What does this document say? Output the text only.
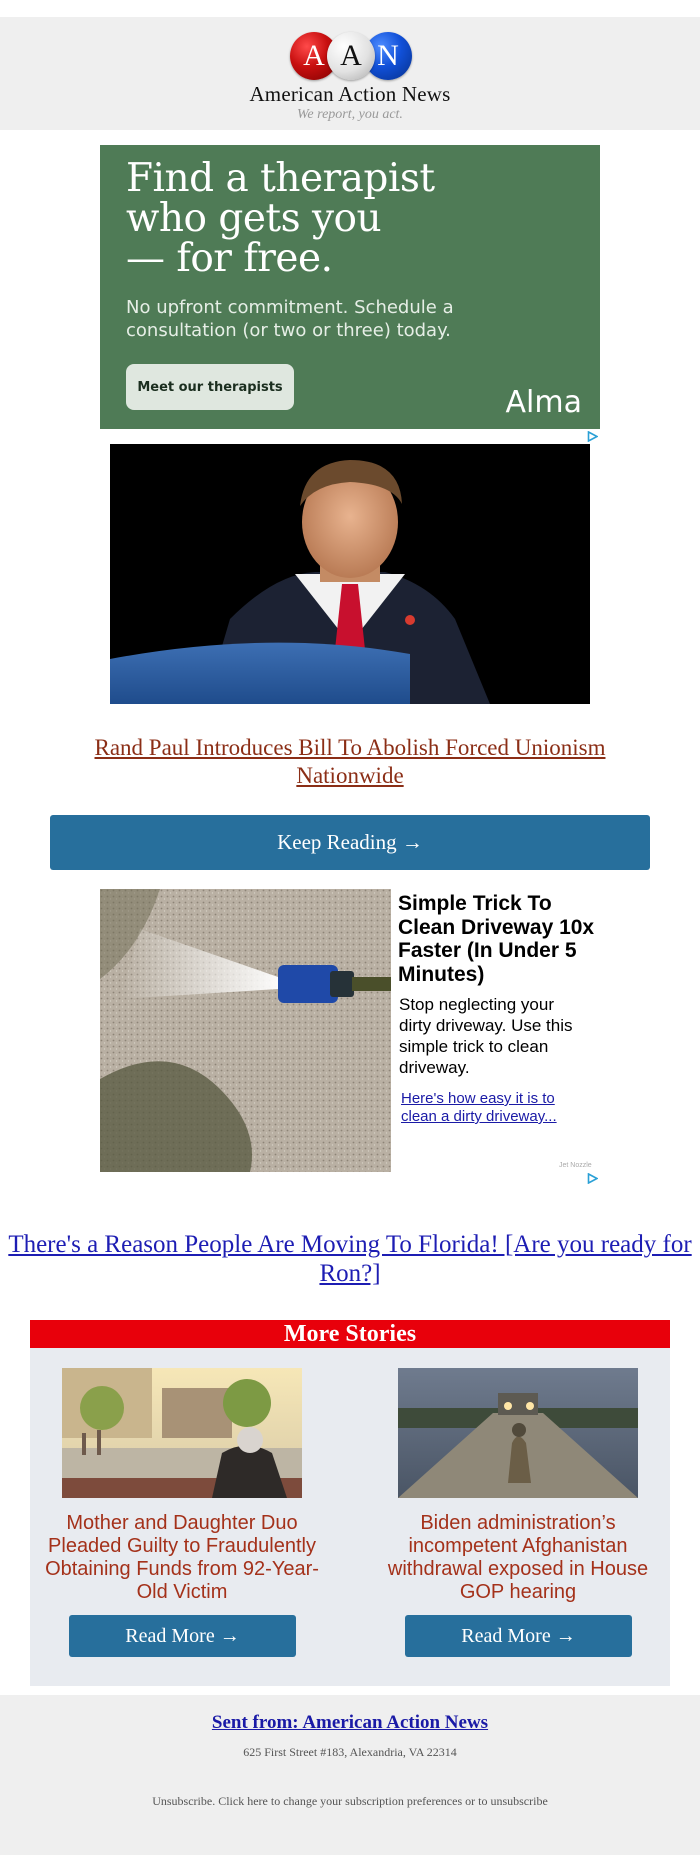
A A N
American Action News
We report, you act.
Find a therapist
who gets you
— for free.
No upfront commitment. Schedule a consultation (or two or three) today.
Meet our therapists	Alma
Rand Paul Introduces Bill To Abolish Forced Unionism Nationwide
Keep Reading →
Simple Trick To Clean Driveway 10x Faster (In Under 5 Minutes)
Stop neglecting your dirty driveway. Use this simple trick to clean driveway.
Here's how easy it is to clean a dirty driveway...
Jet Nozzle
There's a Reason People Are Moving To Florida! [Are you ready for Ron?]
More Stories
Mother and Daughter Duo Pleaded Guilty to Fraudulently Obtaining Funds from 92-Year-Old Victim
Read More →
Biden administration’s incompetent Afghanistan withdrawal exposed in House GOP hearing
Read More →
Sent from: American Action News
625 First Street #183, Alexandria, VA 22314
Unsubscribe. Click here to change your subscription preferences or to unsubscribe
